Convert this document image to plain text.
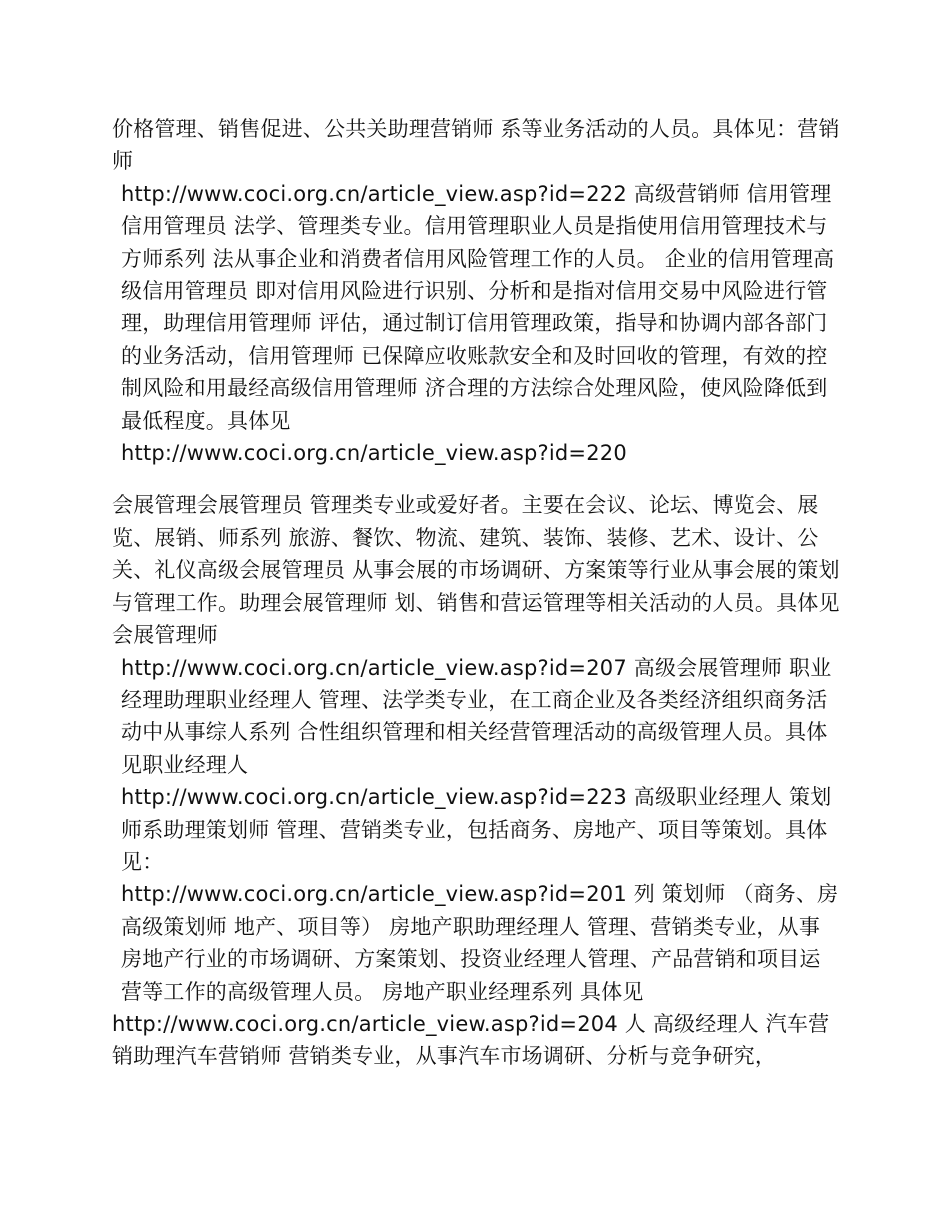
价格管理、销售促进、公共关助理营销师 系等业务活动的人员。具体见：营销师

http://www.coci.org.cn/article_view.asp?id=222 高级营销师 信用管理信用管理员 法学、管理类专业。信用管理职业人员是指使用信用管理技术与方师系列 法从事企业和消费者信用风险管理工作的人员。 企业的信用管理高级信用管理员 即对信用风险进行识别、分析和是指对信用交易中风险进行管理，助理信用管理师 评估，通过制订信用管理政策，指导和协调内部各部门的业务活动，信用管理师 已保障应收账款安全和及时回收的管理，有效的控制风险和用最经高级信用管理师 济合理的方法综合处理风险，使风险降低到最低程度。具体见

http://www.coci.org.cn/article_view.asp?id=220

会展管理会展管理员 管理类专业或爱好者。主要在会议、论坛、博览会、展览、展销、师系列 旅游、餐饮、物流、建筑、装饰、装修、艺术、设计、公关、礼仪高级会展管理员 从事会展的市场调研、方案策等行业从事会展的策划与管理工作。助理会展管理师 划、销售和营运管理等相关活动的人员。具体见会展管理师

http://www.coci.org.cn/article_view.asp?id=207 高级会展管理师 职业经理助理职业经理人 管理、法学类专业，在工商企业及各类经济组织商务活动中从事综人系列 合性组织管理和相关经营管理活动的高级管理人员。具体见职业经理人

http://www.coci.org.cn/article_view.asp?id=223 高级职业经理人 策划师系助理策划师 管理、营销类专业，包括商务、房地产、项目等策划。具体见：

http://www.coci.org.cn/article_view.asp?id=201 列 策划师 （商务、房高级策划师 地产、项目等） 房地产职助理经理人 管理、营销类专业，从事房地产行业的市场调研、方案策划、投资业经理人管理、产品营销和项目运营等工作的高级管理人员。 房地产职业经理系列 具体见

http://www.coci.org.cn/article_view.asp?id=204 人 高级经理人 汽车营销助理汽车营销师 营销类专业，从事汽车市场调研、分析与竞争研究，
